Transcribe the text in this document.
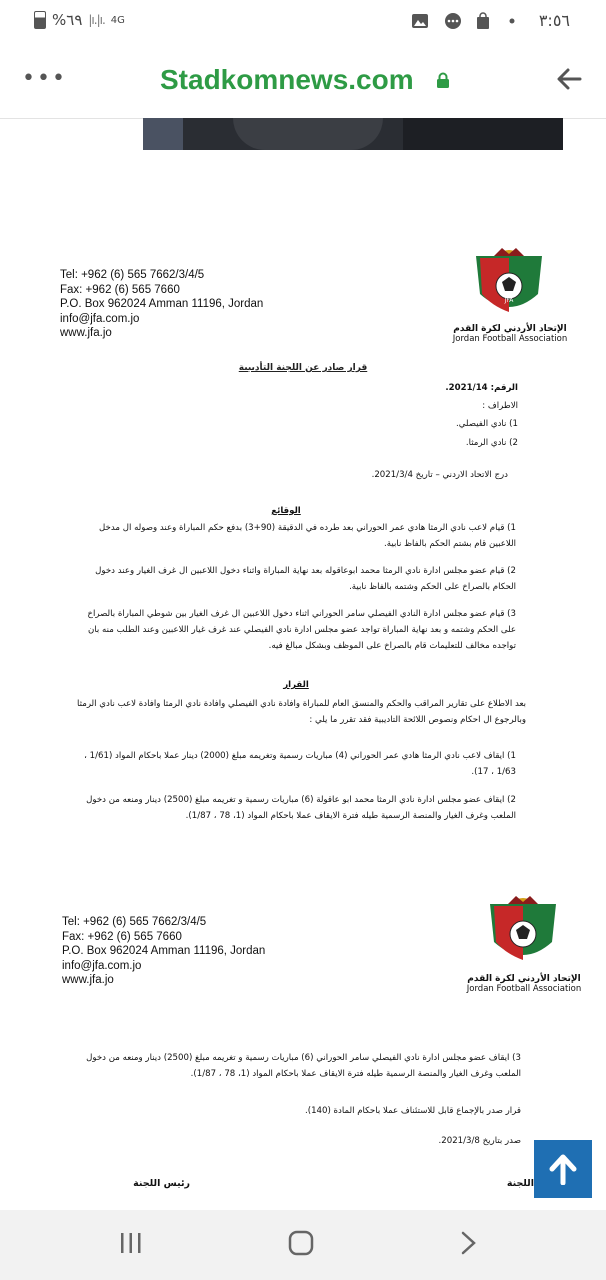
%٦٩ |ı.|ı. 4G	٣:٥٦
•••	Stadkomnews.com
Tel: +962 (6) 565 7662/3/4/5
Fax: +962 (6) 565 7660
P.O. Box 962024 Amman 11196, Jordan
info@jfa.com.jo
www.jfa.jo
JFA
الإتحاد الأردني لكرة القدم
Jordan Football Association
قرار صادر عن اللجنة التأديبية
الرقم: 2021/14.
الاطراف :
1) نادي الفيصلي.
2) نادي الرمثا.
درج الاتحاد الاردني – تاريخ 2021/3/4.
الوقائع
1) قيام لاعب نادي الرمثا هادي عمر الحوراني بعد طرده في الدقيقة (90+3) بدفع حكم المباراة وعند وصوله ال مدخل اللاعبين قام بشتم الحكم بالفاظ نابية.
2) قيام عضو مجلس ادارة نادي الرمثا محمد ابوعاقوله بعد نهاية المباراة واثناء دخول اللاعبين ال غرف الغيار وعند دخول الحكام بالصراخ على الحكم وشتمه بالفاظ نابية.
3) قيام عضو مجلس ادارة النادي الفيصلي سامر الحوراني اثناء دخول اللاعبين ال غرف الغيار بين شوطي المباراة بالصراخ على الحكم وشتمه و بعد نهاية المباراة تواجد عضو مجلس ادارة نادي الفيصلي عند غرف غيار اللاعبين وعند الطلب منه بان تواجده مخالف للتعليمات قام بالصراخ على الموظف وبشكل مبالغ فيه.
القرار
بعد الاطلاع على تقارير المراقب والحكم والمنسق العام للمباراة وافادة نادي الفيصلي وافادة نادي الرمثا وافادة لاعب نادي الرمثا وبالرجوع ال احكام ونصوص اللائحة التاديبية فقد تقرر ما يلي :
1) ايقاف لاعب نادي الرمثا هادي عمر الحوراني (4) مباريات رسمية وتغريمه مبلغ (2000) دينار عملا باحكام المواد (1/61 ، 1/63 ، 17).
2) ايقاف عضو مجلس ادارة نادي الرمثا محمد ابو عاقولة (6) مباريات رسمية و تغريمه مبلغ (2500) دينار ومنعه من دخول الملعب وغرف الغيار والمنصة الرسمية طيله فترة الايقاف عملا باحكام المواد (1، 78 ، 1/87).
Tel: +962 (6) 565 7662/3/4/5
Fax: +962 (6) 565 7660
P.O. Box 962024 Amman 11196, Jordan
info@jfa.com.jo
www.jfa.jo	الإتحاد الأردني لكرة القدم
Jordan Football Association
3) ايقاف عضو مجلس ادارة نادي الفيصلي سامر الحوراني (6) مباريات رسمية و تغريمه مبلغ (2500) دينار ومنعه من دخول الملعب وغرف الغيار والمنصة الرسمية طيله فترة الايقاف عملا باحكام المواد (1، 78 ، 1/87).
قرار صدر بالإجماع قابل للاستئناف عملا باحكام المادة (140).
صدر بتاريخ 2021/3/8.
رئيس اللجنة	اللجنة
